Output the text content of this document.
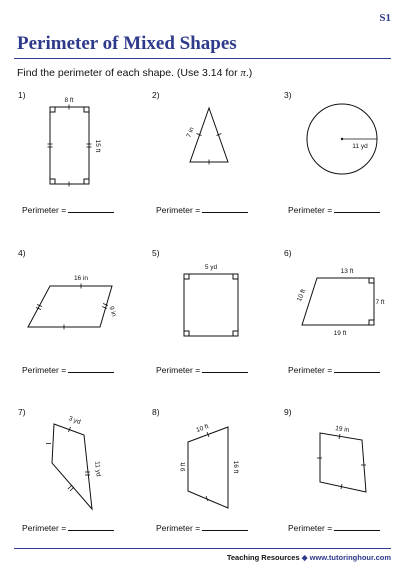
S1
Perimeter of Mixed Shapes
Find the perimeter of each shape. (Use 3.14 for π.)
1)
8 ft
15 ft
Perimeter =
2)
7 in
Perimeter =
3)
11 yd
Perimeter =
4)
16 in
9 in
Perimeter =
5)
5 yd
Perimeter =
6)
13 ft
7 ft
10 ft
19 ft
Perimeter =
7)
3 yd
11 yd
Perimeter =
8)
10 ft
9 ft	16 ft
Perimeter =
9)
19 in
Perimeter =
Teaching Resources ◆ www.tutoringhour.com
